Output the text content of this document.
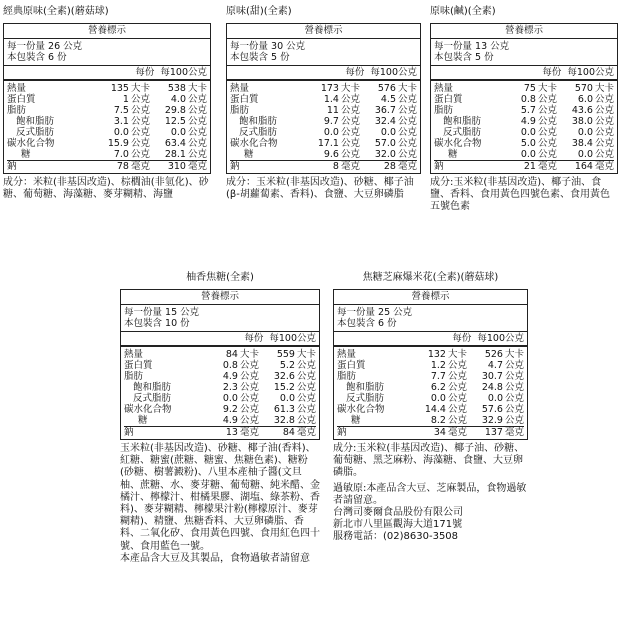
經典原味(全素)(蘑菇球)
營養標示
每一份量 26 公克
本包裝含 6 份
每份 每100公克
熱量	135 大卡	538 大卡
蛋白質	1 公克	4.0 公克
脂肪	7.5 公克	29.8 公克
飽和脂肪	3.1 公克	12.5 公克
反式脂肪	0.0 公克	0.0 公克
碳水化合物	15.9 公克	63.4 公克
糖	7.0 公克	28.1 公克
鈉	78 毫克	310 毫克

成分：米粒(非基因改造)、棕櫚油(非氫化)、砂糖、葡萄糖、海藻糖、麥芽糊精、海鹽

原味(甜)(全素)
營養標示
每一份量 30 公克
本包裝含 5 份
每份 每100公克
熱量	173 大卡	576 大卡
蛋白質	1.4 公克	4.5 公克
脂肪	11 公克	36.7 公克
飽和脂肪	9.7 公克	32.4 公克
反式脂肪	0.0 公克	0.0 公克
碳水化合物	17.1 公克	57.0 公克
糖	9.6 公克	32.0 公克
鈉	8 毫克	28 毫克

成分：玉米粒(非基因改造)、砂糖、椰子油(β-胡蘿蔔素、香料)、食鹽、大豆卵磷脂

原味(鹹)(全素)
營養標示
每一份量 13 公克
本包裝含 5 份
每份 每100公克
熱量	75 大卡	570 大卡
蛋白質	0.8 公克	6.0 公克
脂肪	5.7 公克	43.6 公克
飽和脂肪	4.9 公克	38.0 公克
反式脂肪	0.0 公克	0.0 公克
碳水化合物	5.0 公克	38.4 公克
糖	0.0 公克	0.0 公克
鈉	21 毫克	164 毫克

成分:玉米粒(非基因改造)、椰子油、食鹽、香料、食用黃色四號色素、食用黃色五號色素

柚香焦糖(全素)
營養標示
每一份量 15 公克
本包裝含 10 份
每份 每100公克
熱量	84 大卡	559 大卡
蛋白質	0.8 公克	5.2 公克
脂肪	4.9 公克	32.6 公克
飽和脂肪	2.3 公克	15.2 公克
反式脂肪	0.0 公克	0.0 公克
碳水化合物	9.2 公克	61.3 公克
糖	4.9 公克	32.8 公克
鈉	13 毫克	84 毫克

玉米粒(非基因改造)、砂糖、椰子油(香料)、紅糖、糖蜜(蔗糖、糖蜜、焦糖色素)、糖粉(砂糖、樹薯澱粉)、八里本產柚子醬(文旦柚、蔗糖、水、麥芽糖、葡萄糖、純米醋、金橘汁、檸檬汁、柑橘果膠、湖塩、綠茶粉、香料)、麥芽糊精、檸檬果汁粉(檸檬原汁、麥芽糊精)、精鹽、焦糖香料、大豆卵磷脂、香料、二氧化矽、食用黃色四號、食用紅色四十號、食用藍色一號。

本產品含大豆及其製品，食物過敏者請留意

焦糖芝麻爆米花(全素)(蘑菇球)
營養標示
每一份量 25 公克
本包裝含 6 份
每份 每100公克
熱量	132 大卡	526 大卡
蛋白質	1.2 公克	4.7 公克
脂肪	7.7 公克	30.7 公克
飽和脂肪	6.2 公克	24.8 公克
反式脂肪	0.0 公克	0.0 公克
碳水化合物	14.4 公克	57.6 公克
糖	8.2 公克	32.9 公克
鈉	34 毫克	137 毫克

成分:玉米粒(非基因改造)、椰子油、砂糖、葡萄糖、黑芝麻粉、海藻糖、食鹽、大豆卵磷脂。

過敏原:本產品含大豆、芝麻製品，食物過敏者請留意。

台灣司麥爾食品股份有限公司

新北市八里區觀海大道171號

服務電話：(02)8630-3508
